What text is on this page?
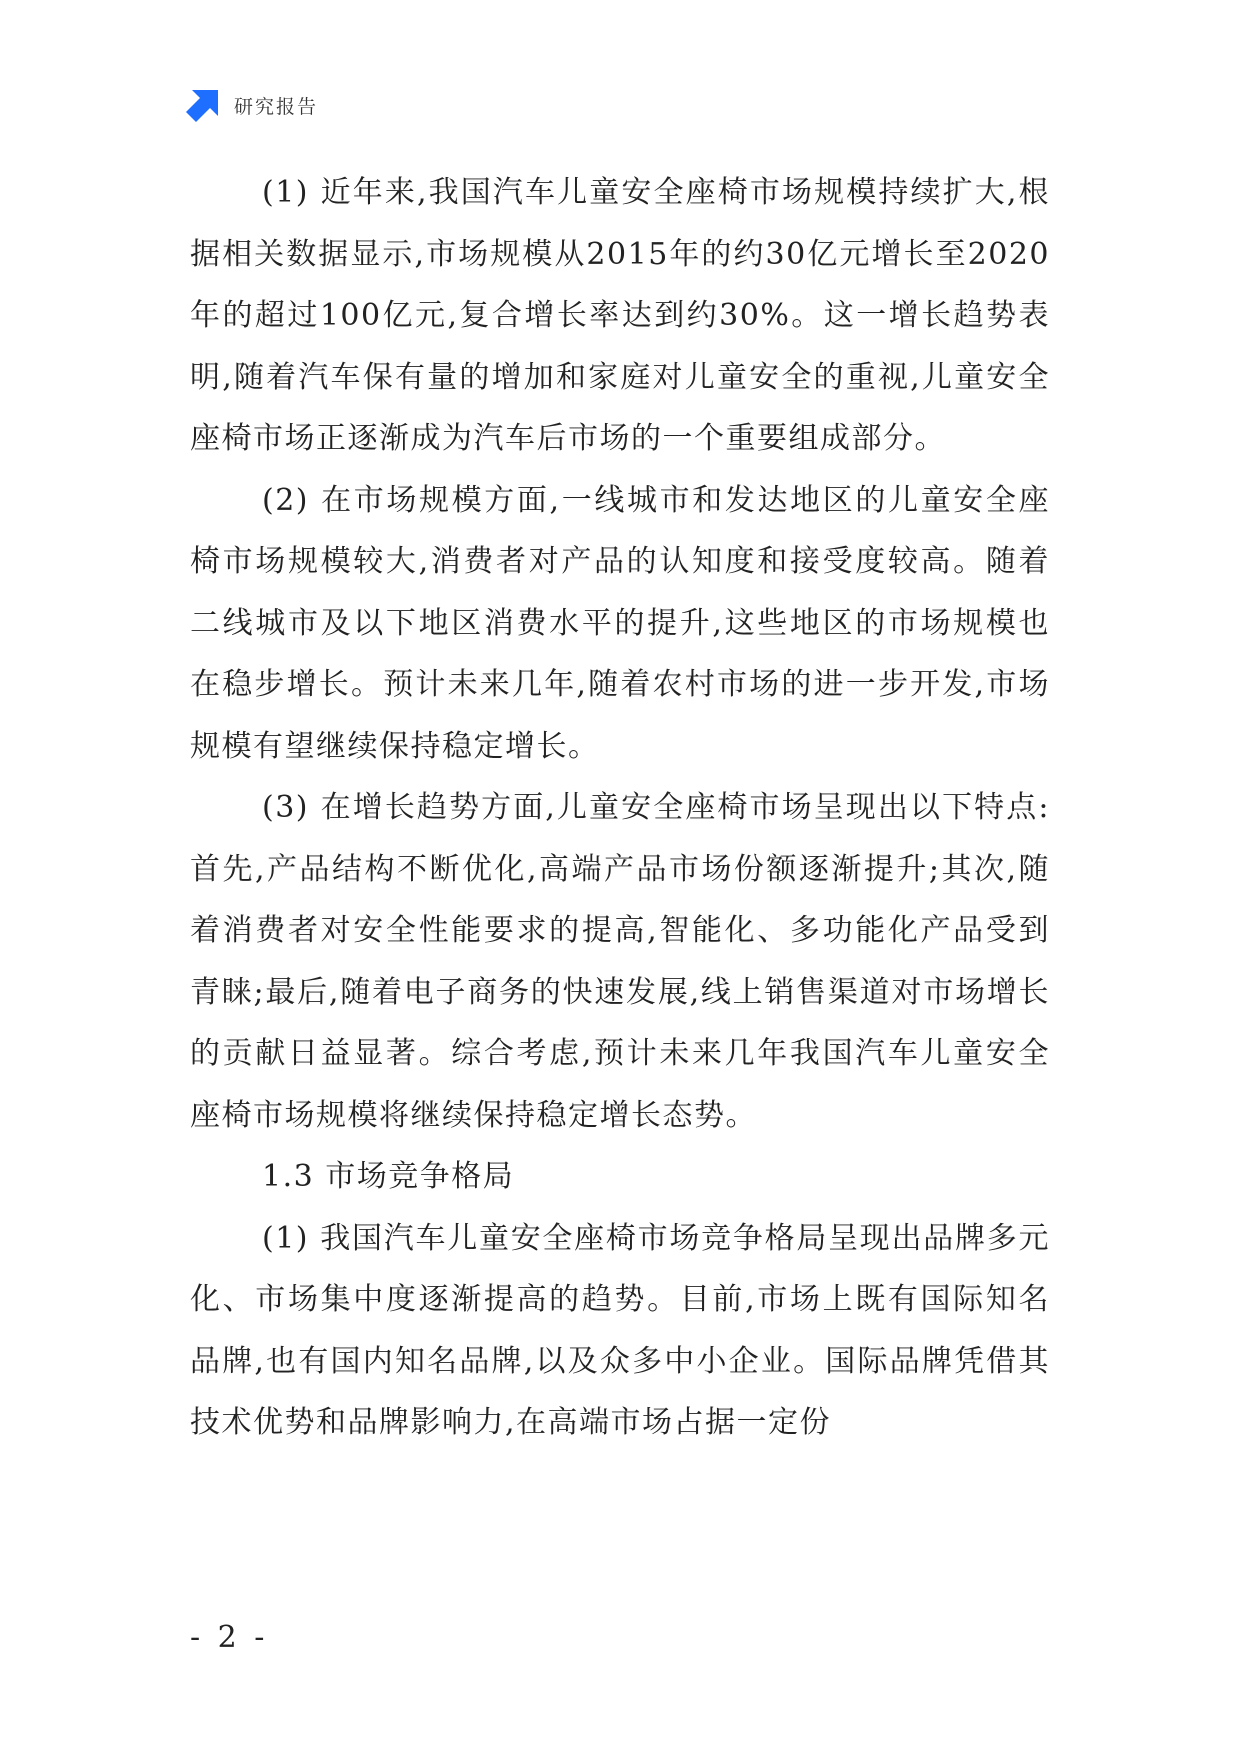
研究报告

(1) 近年来,我国汽车儿童安全座椅市场规模持续扩大,根据相关数据显示,市场规模从2015年的约30亿元增长至2020年的超过100亿元,复合增长率达到约30%。这一增长趋势表明,随着汽车保有量的增加和家庭对儿童安全的重视,儿童安全座椅市场正逐渐成为汽车后市场的一个重要组成部分。

(2) 在市场规模方面,一线城市和发达地区的儿童安全座椅市场规模较大,消费者对产品的认知度和接受度较高。随着二线城市及以下地区消费水平的提升,这些地区的市场规模也在稳步增长。预计未来几年,随着农村市场的进一步开发,市场规模有望继续保持稳定增长。

(3) 在增长趋势方面,儿童安全座椅市场呈现出以下特点:首先,产品结构不断优化,高端产品市场份额逐渐提升;其次,随着消费者对安全性能要求的提高,智能化、多功能化产品受到青睐;最后,随着电子商务的快速发展,线上销售渠道对市场增长的贡献日益显著。综合考虑,预计未来几年我国汽车儿童安全座椅市场规模将继续保持稳定增长态势。

1.3 市场竞争格局

(1) 我国汽车儿童安全座椅市场竞争格局呈现出品牌多元化、市场集中度逐渐提高的趋势。目前,市场上既有国际知名品牌,也有国内知名品牌,以及众多中小企业。国际品牌凭借其技术优势和品牌影响力,在高端市场占据一定份

- 2 -
